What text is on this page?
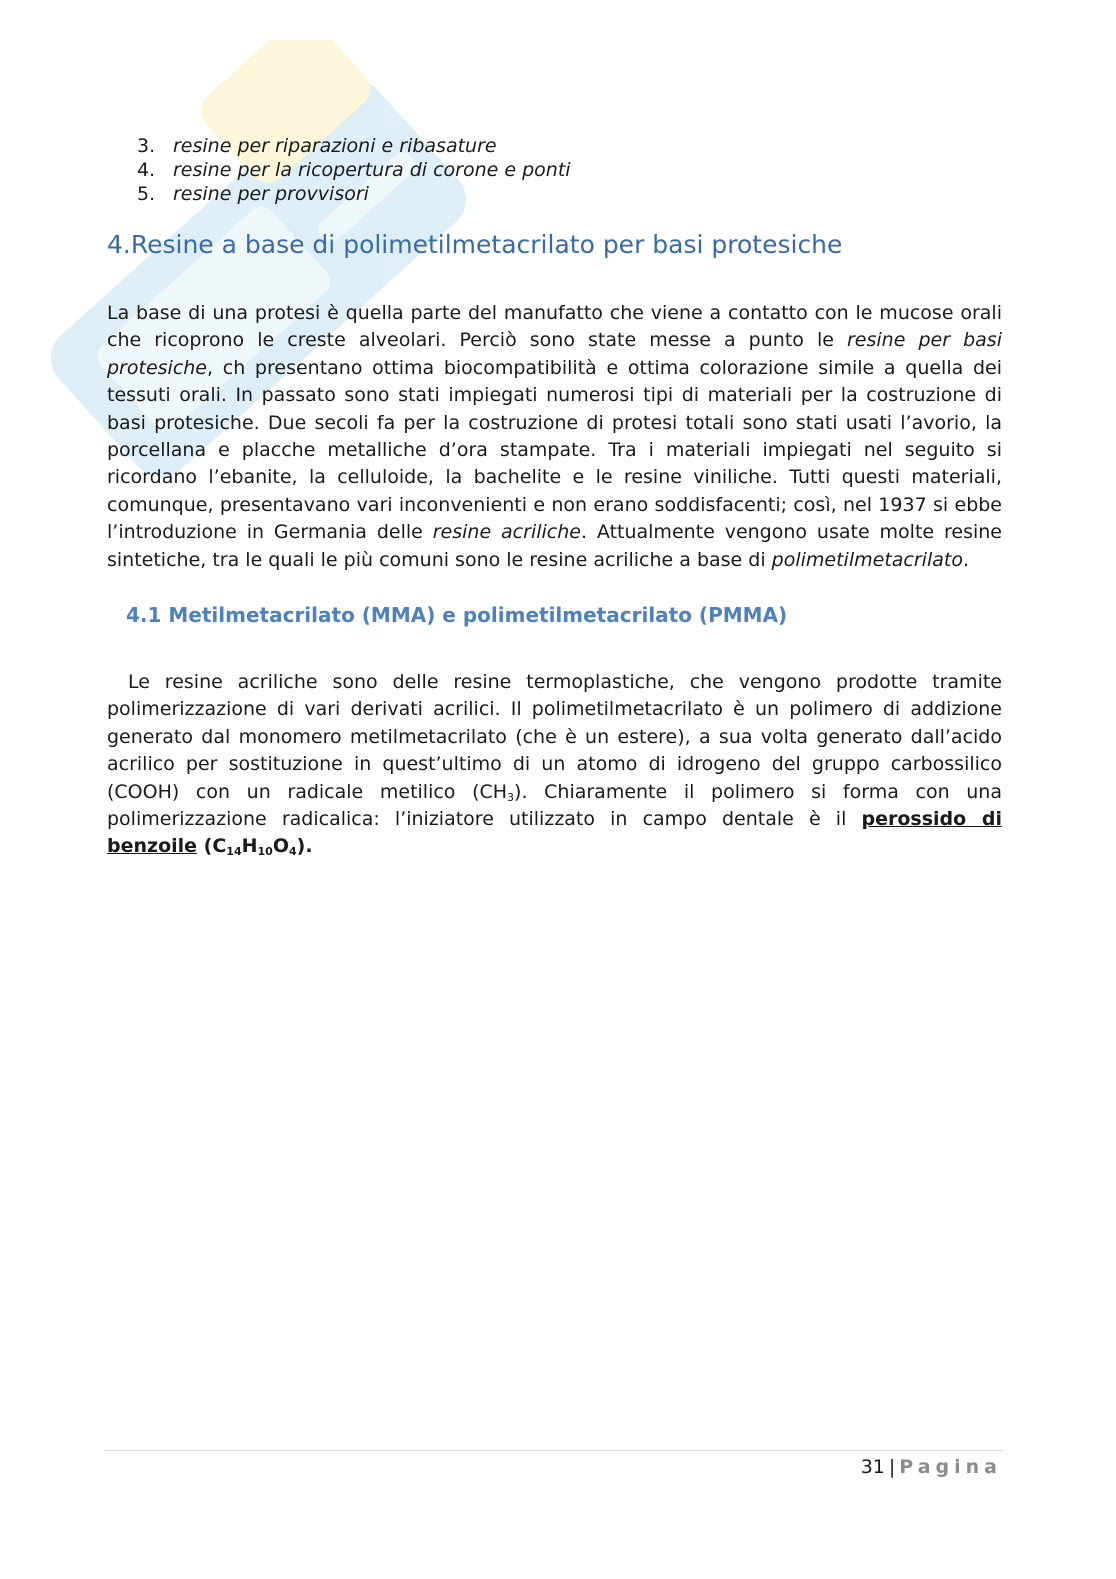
3. resine per riparazioni e ribasature
4. resine per la ricopertura di corone e ponti
5. resine per provvisori
4.Resine a base di polimetilmetacrilato per basi protesiche

La base di una protesi è quella parte del manufatto che viene a contatto con le mucose orali che ricoprono le creste alveolari. Perciò sono state messe a punto le resine per basi protesiche, ch presentano ottima biocompatibilità e ottima colorazione simile a quella dei tessuti orali. In passato sono stati impiegati numerosi tipi di materiali per la costruzione di basi protesiche. Due secoli fa per la costruzione di protesi totali sono stati usati l’avorio, la porcellana e placche metalliche d’ora stampate. Tra i materiali impiegati nel seguito si ricordano l’ebanite, la celluloide, la bachelite e le resine viniliche. Tutti questi materiali, comunque, presentavano vari inconvenienti e non erano soddisfacenti; così, nel 1937 si ebbe l’introduzione in Germania delle resine acriliche. Attualmente vengono usate molte resine sintetiche, tra le quali le più comuni sono le resine acriliche a base di polimetilmetacrilato.

4.1 Metilmetacrilato (MMA) e polimetilmetacrilato (PMMA)

Le resine acriliche sono delle resine termoplastiche, che vengono prodotte tramite polimerizzazione di vari derivati acrilici. Il polimetilmetacrilato è un polimero di addizione generato dal monomero metilmetacrilato (che è un estere), a sua volta generato dall’acido acrilico per sostituzione in quest’ultimo di un atomo di idrogeno del gruppo carbossilico (COOH) con un radicale metilico $(CH_3)$. Chiaramente il polimero si forma con una polimerizzazione radicalica: l’iniziatore utilizzato in campo dentale è il perossido di benzoile $(C_{14}H_{10}O_4)$.

31 | Pagina
